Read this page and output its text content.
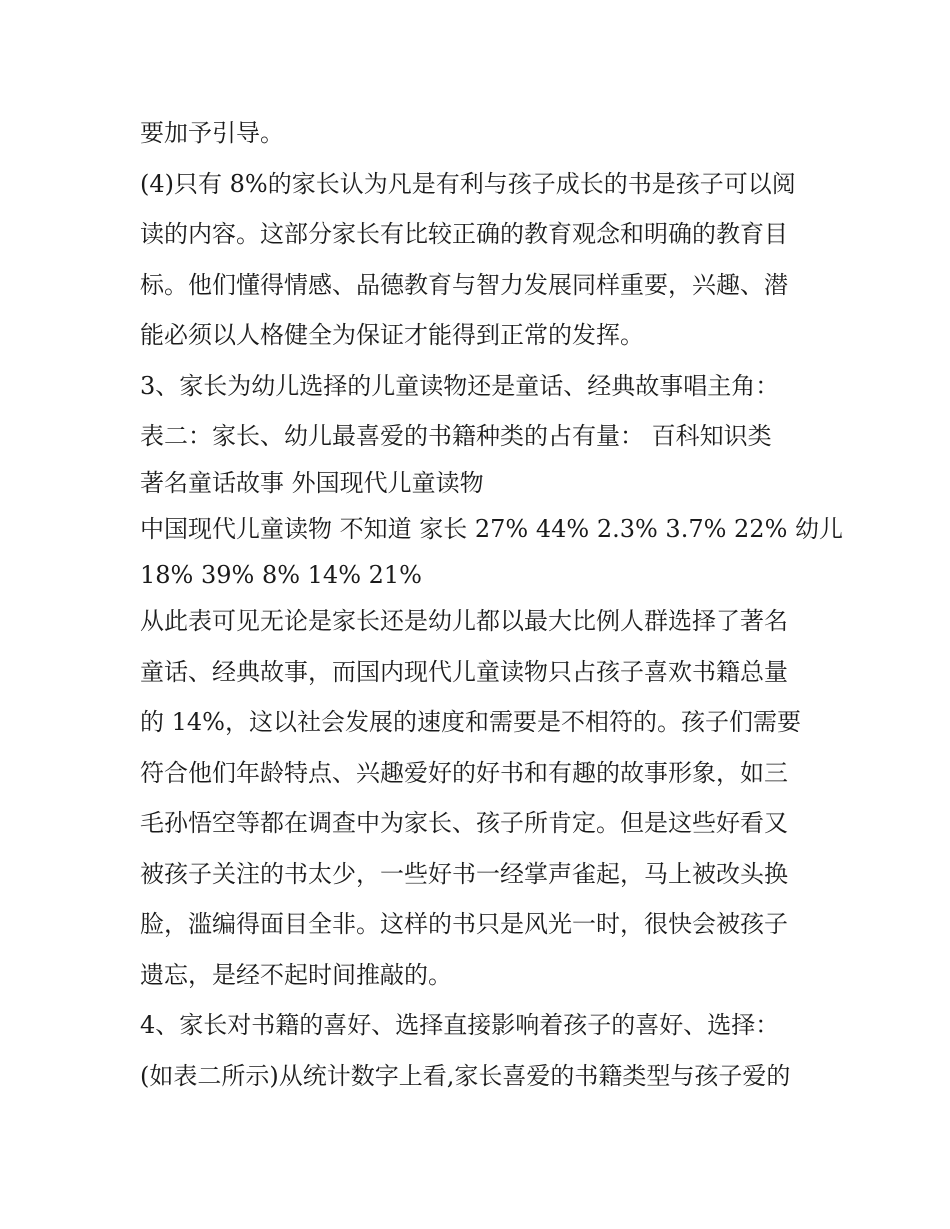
要加予引导。

(4)只有 8%的家长认为凡是有利与孩子成长的书是孩子可以阅

读的内容。这部分家长有比较正确的教育观念和明确的教育目

标。他们懂得情感、品德教育与智力发展同样重要，兴趣、潜

能必须以人格健全为保证才能得到正常的发挥。

3、家长为幼儿选择的儿童读物还是童话、经典故事唱主角：

表二：家长、幼儿最喜爱的书籍种类的占有量： 百科知识类

著名童话故事 外国现代儿童读物

中国现代儿童读物 不知道 家长 27% 44% 2.3% 3.7% 22% 幼儿

18% 39% 8% 14% 21%

从此表可见无论是家长还是幼儿都以最大比例人群选择了著名

童话、经典故事，而国内现代儿童读物只占孩子喜欢书籍总量

的 14%，这以社会发展的速度和需要是不相符的。孩子们需要

符合他们年龄特点、兴趣爱好的好书和有趣的故事形象，如三

毛孙悟空等都在调查中为家长、孩子所肯定。但是这些好看又

被孩子关注的书太少，一些好书一经掌声雀起，马上被改头换

脸，滥编得面目全非。这样的书只是风光一时，很快会被孩子

遗忘，是经不起时间推敲的。

4、家长对书籍的喜好、选择直接影响着孩子的喜好、选择：

(如表二所示)从统计数字上看,家长喜爱的书籍类型与孩子爱的
